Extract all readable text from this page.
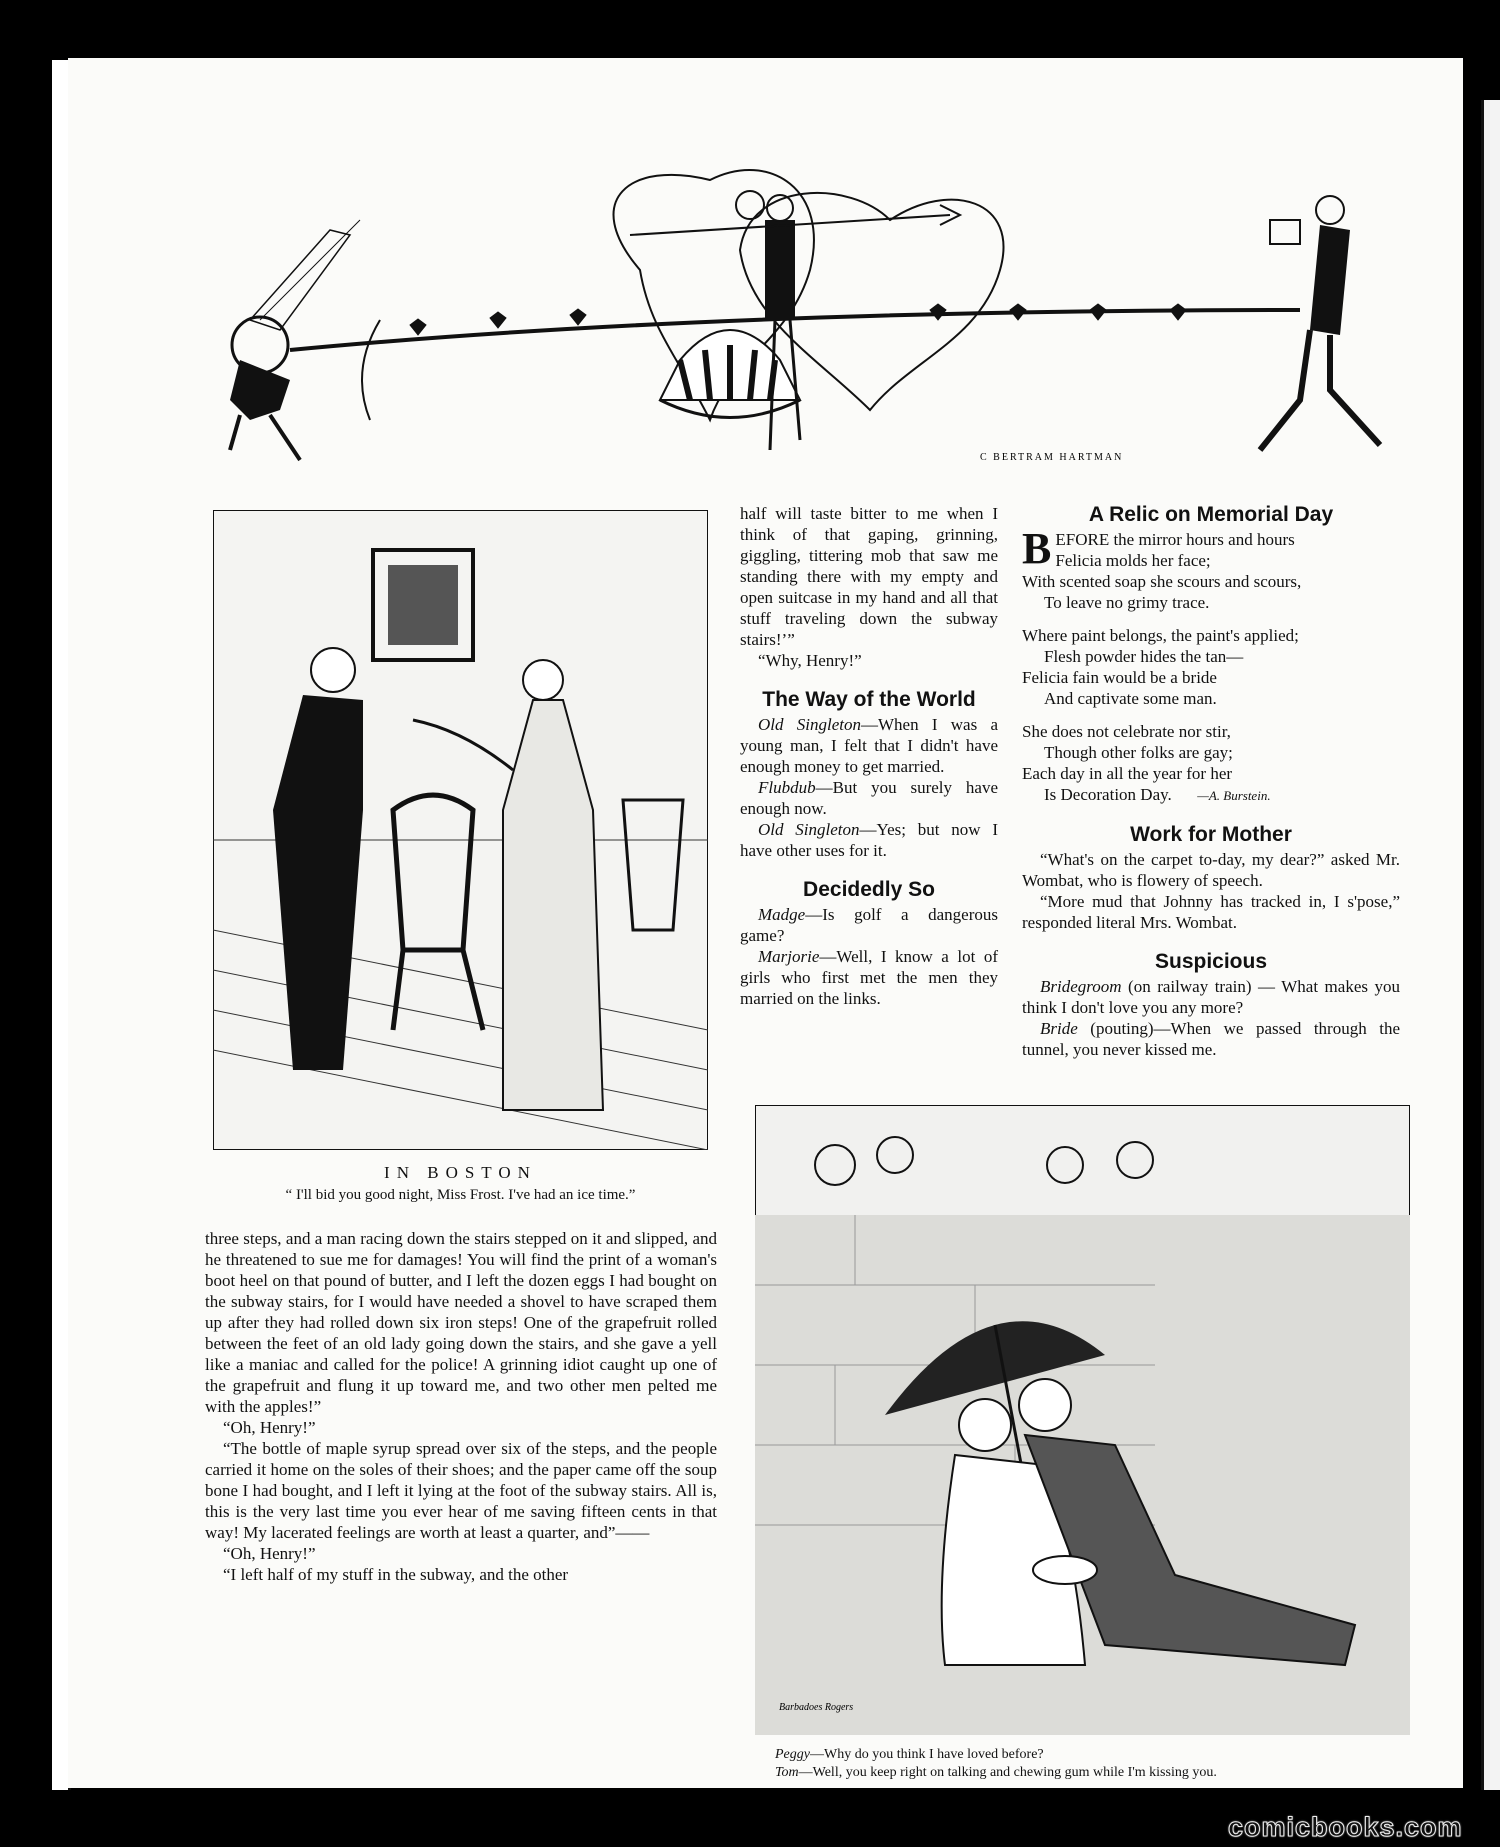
C BERTRAM HARTMAN
IN BOSTON
“ I'll bid you good night, Miss Frost. I've had an ice time.”

three steps, and a man racing down the stairs stepped on it and slipped, and he threatened to sue me for damages! You will find the print of a woman's boot heel on that pound of butter, and I left the dozen eggs I had bought on the subway stairs, for I would have needed a shovel to have scraped them up after they had rolled down six iron steps! One of the grapefruit rolled between the feet of an old lady going down the stairs, and she gave a yell like a maniac and called for the police! A grinning idiot caught up one of the grapefruit and flung it up toward me, and two other men pelted me with the apples!”

“Oh, Henry!”

“The bottle of maple syrup spread over six of the steps, and the people carried it home on the soles of their shoes; and the paper came off the soup bone I had bought, and I left it lying at the foot of the subway stairs. All is, this is the very last time you ever hear of me saving fifteen cents in that way! My lacerated feelings are worth at least a quarter, and”——

“Oh, Henry!”

“I left half of my stuff in the subway, and the other

half will taste bitter to me when I think of that gaping, grinning, giggling, tittering mob that saw me standing there with my empty and open suitcase in my hand and all that stuff traveling down the subway stairs!’”

“Why, Henry!”

The Way of the World

Old Singleton—When I was a young man, I felt that I didn't have enough money to get married.

Flubdub—But you surely have enough now.

Old Singleton—Yes; but now I have other uses for it.

Decidedly So

Madge—Is golf a dangerous game?

Marjorie—Well, I know a lot of girls who first met the men they married on the links.

A Relic on Memorial Day
B EFORE the mirror hours and hours
Felicia molds her face;
With scented soap she scours and scours,
To leave no grimy trace.
Where paint belongs, the paint's applied;
Flesh powder hides the tan—
Felicia fain would be a bride
And captivate some man.
She does not celebrate nor stir,
Though other folks are gay;
Each day in all the year for her
Is Decoration Day. —A. Burstein.
Work for Mother

“What's on the carpet to-day, my dear?” asked Mr. Wombat, who is flowery of speech.

“More mud that Johnny has tracked in, I s'pose,” responded literal Mrs. Wombat.

Suspicious

Bridegroom (on railway train) — What makes you think I don't love you any more?

Bride (pouting)—When we passed through the tunnel, you never kissed me.

Barbadoes Rogers
Peggy—Why do you think I have loved before?
Tom—Well, you keep right on talking and chewing gum while I'm kissing you.
comicbooks.com
